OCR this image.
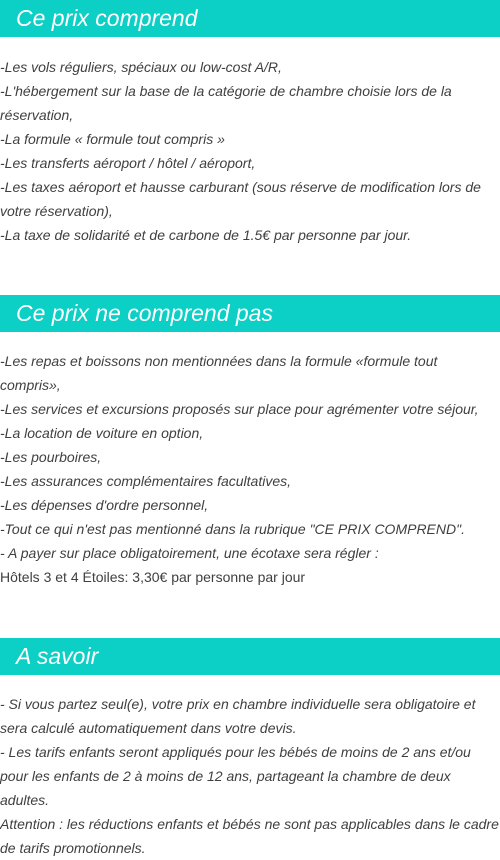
Ce prix comprend

-Les vols réguliers, spéciaux ou low-cost A/R,

-L'hébergement sur la base de la catégorie de chambre choisie lors de la réservation,

-La formule « formule tout compris »

-Les transferts aéroport / hôtel / aéroport,

-Les taxes aéroport et hausse carburant (sous réserve de modification lors de votre réservation),

-La taxe de solidarité et de carbone de 1.5€ par personne par jour.

Ce prix ne comprend pas

-Les repas et boissons non mentionnées dans la formule «formule tout compris»,

-Les services et excursions proposés sur place pour agrémenter votre séjour,

-La location de voiture en option,

-Les pourboires,

-Les assurances complémentaires facultatives,

-Les dépenses d'ordre personnel,

-Tout ce qui n'est pas mentionné dans la rubrique "CE PRIX COMPREND".

- A payer sur place obligatoirement, une écotaxe sera régler :

Hôtels 3 et 4 Étoiles: 3,30€ par personne par jour

A savoir

- Si vous partez seul(e), votre prix en chambre individuelle sera obligatoire et sera calculé automatiquement dans votre devis.

- Les tarifs enfants seront appliqués pour les bébés de moins de 2 ans et/ou pour les enfants de 2 à moins de 12 ans, partageant la chambre de deux adultes.

Attention : les réductions enfants et bébés ne sont pas applicables dans le cadre de tarifs promotionnels.
